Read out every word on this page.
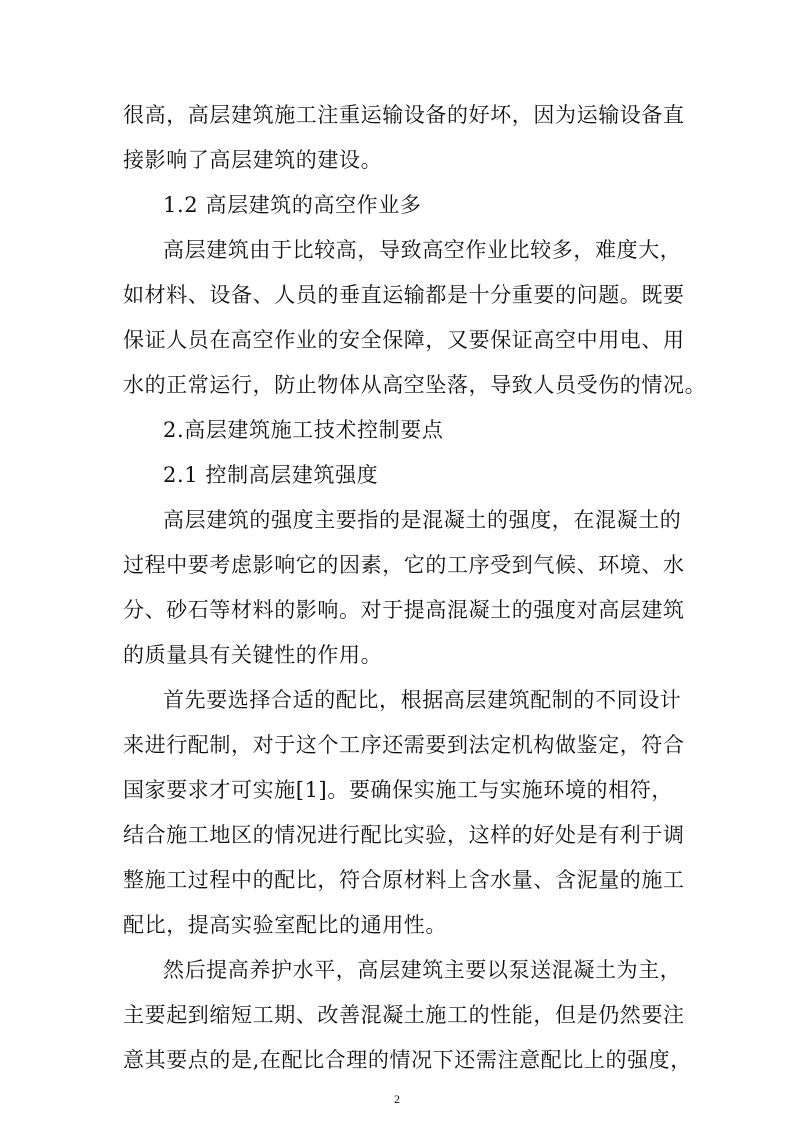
很高，高层建筑施工注重运输设备的好坏，因为运输设备直
接影响了高层建筑的建设。
1.2 高层建筑的高空作业多
高层建筑由于比较高，导致高空作业比较多，难度大，
如材料、设备、人员的垂直运输都是十分重要的问题。既要
保证人员在高空作业的安全保障，又要保证高空中用电、用
水的正常运行，防止物体从高空坠落，导致人员受伤的情况。
2.高层建筑施工技术控制要点
2.1 控制高层建筑强度
高层建筑的强度主要指的是混凝土的强度，在混凝土的
过程中要考虑影响它的因素，它的工序受到气候、环境、水
分、砂石等材料的影响。对于提高混凝土的强度对高层建筑
的质量具有关键性的作用。
首先要选择合适的配比，根据高层建筑配制的不同设计
来进行配制，对于这个工序还需要到法定机构做鉴定，符合
国家要求才可实施[1]。要确保实施工与实施环境的相符，
结合施工地区的情况进行配比实验，这样的好处是有利于调
整施工过程中的配比，符合原材料上含水量、含泥量的施工
配比，提高实验室配比的通用性。
然后提高养护水平，高层建筑主要以泵送混凝土为主，
主要起到缩短工期、改善混凝土施工的性能，但是仍然要注
意其要点的是,在配比合理的情况下还需注意配比上的强度，
2
